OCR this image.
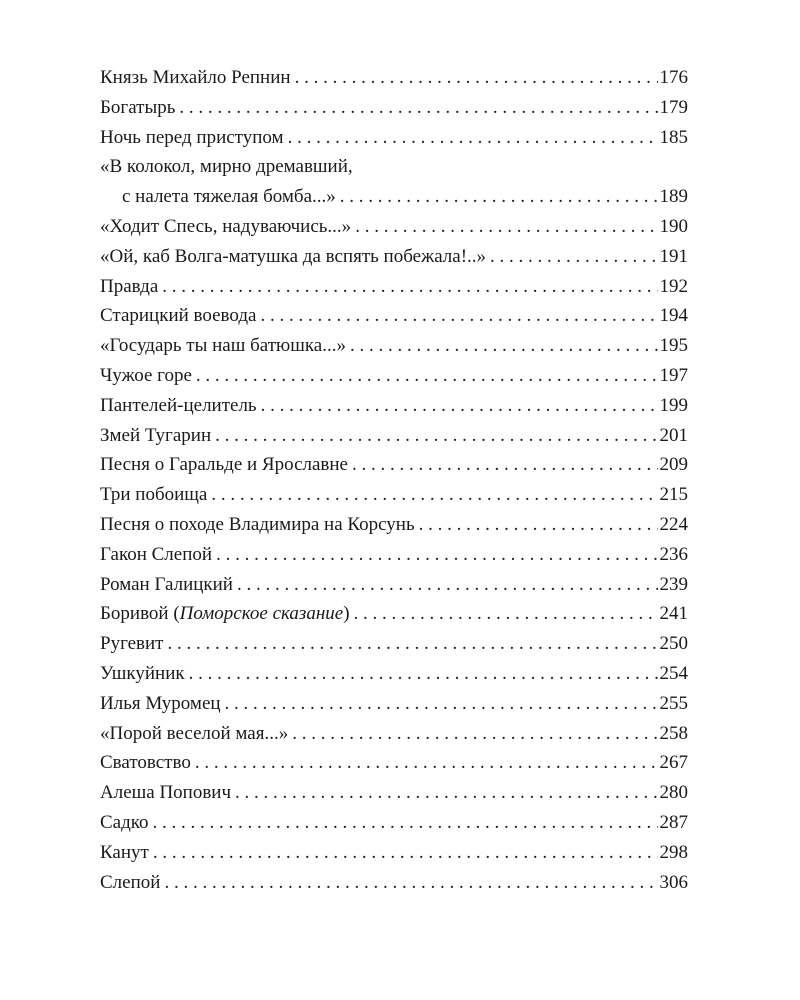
Князь Михайло Репнин . . .	176
Богатырь . . .	179
Ночь перед приступом . . .	185
«В колокол, мирно дремавший,
с налета тяжелая бомба...» . . .	189
«Ходит Спесь, надуваючись...» . . .	190
«Ой, каб Волга-матушка да вспять побежала!..» . . .	191
Правда . . .	192
Старицкий воевода . . .	194
«Государь ты наш батюшка...» . . .	195
Чужое горе . . .	197
Пантелей-целитель . . .	199
Змей Тугарин . . .	201
Песня о Гаральде и Ярославне . . .	209
Три побоища . . .	215
Песня о походе Владимира на Корсунь . . .	224
Гакон Слепой . . .	236
Роман Галицкий . . .	239
Боривой (Поморское сказание) . . .	241
Ругевит . . .	250
Ушкуйник . . .	254
Илья Муромец . . .	255
«Порой веселой мая...» . . .	258
Сватовство . . .	267
Алеша Попович . . .	280
Садко . . .	287
Канут . . .	298
Слепой . . .	306
